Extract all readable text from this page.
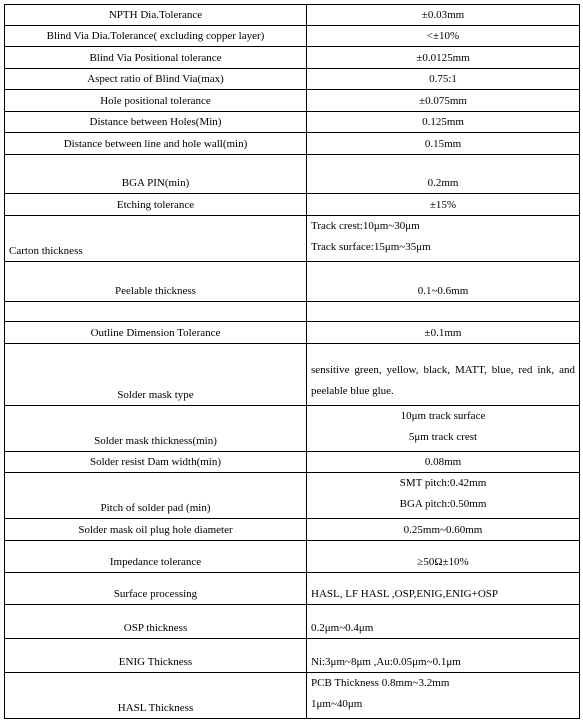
NPTH Dia.Tolerance	±0.03mm
Blind Via Dia.Tolerance( excluding copper layer)	<±10%
Blind Via Positional tolerance	±0.0125mm
Aspect ratio of Blind Via(max)	0.75:1
Hole positional tolerance	±0.075mm
Distance between Holes(Min)	0.125mm
Distance between line and hole wall(min)	0.15mm
BGA PIN(min)	0.2mm
Etching tolerance	±15%
Carton thickness	Track crest:10μm~30μm
Track surface:15μm~35μm

Peelable thickness	0.1~0.6mm

Outline Dimension Tolerance	±0.1mm
Solder mask type	sensitive green, yellow, black, MATT, blue, red ink, and peelable blue glue.
Solder mask thickness(min)	10μm track surface
5μm track crest

Solder resist Dam width(min)	0.08mm
Pitch of solder pad (min)	SMT pitch:0.42mm
BGA pitch:0.50mm

Solder mask oil plug hole diameter	0.25mm~0.60mm
Impedance tolerance	≥50Ω±10%
Surface processing	HASL, LF HASL ,OSP,ENIG,ENIG+OSP
OSP thickness	0.2μm~0.4μm
ENIG Thickness	Ni:3μm~8μm ,Au:0.05μm~0.1μm
HASL Thickness	PCB Thickness 0.8mm~3.2mm
1μm~40μm
